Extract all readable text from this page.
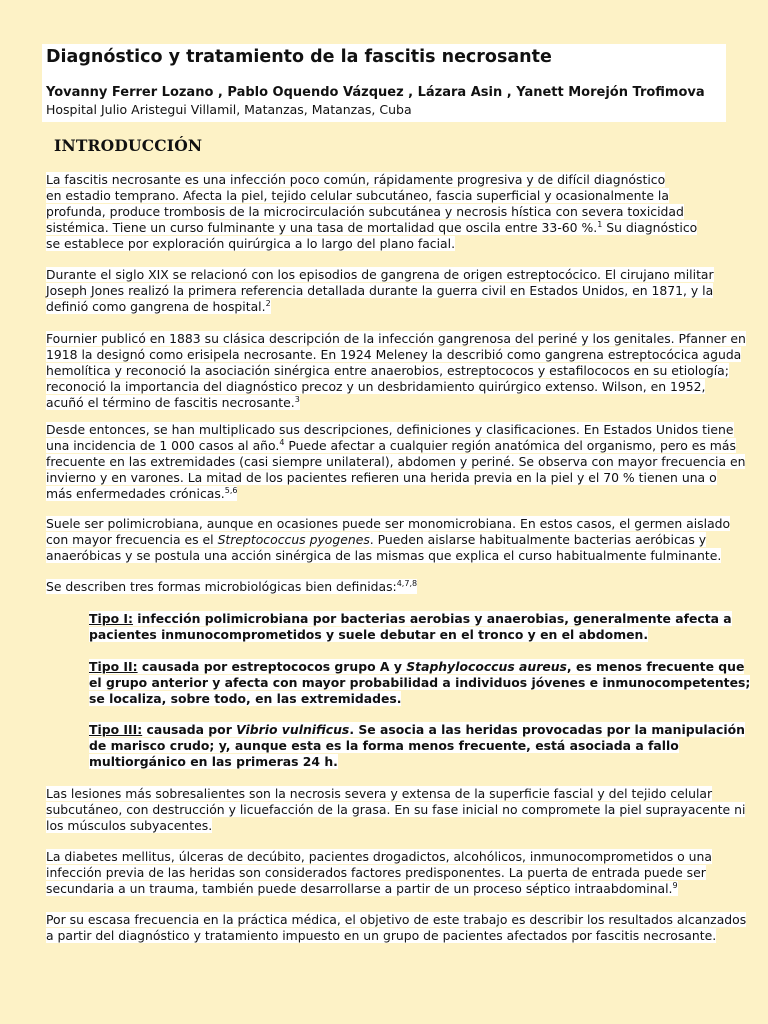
Diagnóstico y tratamiento de la fascitis necrosante

Yovanny Ferrer Lozano , Pablo Oquendo Vázquez , Lázara Asin , Yanett Morejón Trofimova

Hospital Julio Aristegui Villamil, Matanzas, Matanzas, Cuba

INTRODUCCIÓN

La fascitis necrosante es una infección poco común, rápidamente progresiva y de difícil diagnóstico
en estadio temprano. Afecta la piel, tejido celular subcutáneo, fascia superficial y ocasionalmente la
profunda, produce trombosis de la microcirculación subcutánea y necrosis hística con severa toxicidad
sistémica. Tiene un curso fulminante y una tasa de mortalidad que oscila entre 33-60 %.$^1$ Su diagnóstico
se establece por exploración quirúrgica a lo largo del plano facial.

Durante el siglo XIX se relacionó con los episodios de gangrena de origen estreptocócico. El cirujano militar
Joseph Jones realizó la primera referencia detallada durante la guerra civil en Estados Unidos, en 1871, y la
definió como gangrena de hospital.$^2$

Fournier publicó en 1883 su clásica descripción de la infección gangrenosa del periné y los genitales. Pfanner en
1918 la designó como erisipela necrosante. En 1924 Meleney la describió como gangrena estreptocócica aguda
hemolítica y reconoció la asociación sinérgica entre anaerobios, estreptococos y estafilococos en su etiología;
reconoció la importancia del diagnóstico precoz y un desbridamiento quirúrgico extenso. Wilson, en 1952,
acuñó el término de fascitis necrosante.$^3$

Desde entonces, se han multiplicado sus descripciones, definiciones y clasificaciones. En Estados Unidos tiene
una incidencia de 1 000 casos al año.$^4$ Puede afectar a cualquier región anatómica del organismo, pero es más
frecuente en las extremidades (casi siempre unilateral), abdomen y periné. Se observa con mayor frecuencia en
invierno y en varones. La mitad de los pacientes refieren una herida previa en la piel y el 70 % tienen una o
más enfermedades crónicas.$^{5,6}$

Suele ser polimicrobiana, aunque en ocasiones puede ser monomicrobiana. En estos casos, el germen aislado
con mayor frecuencia es el Streptococcus pyogenes. Pueden aislarse habitualmente bacterias aeróbicas y
anaeróbicas y se postula una acción sinérgica de las mismas que explica el curso habitualmente fulminante.

Se describen tres formas microbiológicas bien definidas:$^{4,7,8}$

Tipo I: infección polimicrobiana por bacterias aerobias y anaerobias, generalmente afecta a
pacientes inmunocomprometidos y suele debutar en el tronco y en el abdomen.

Tipo II: causada por estreptococos grupo A y Staphylococcus aureus, es menos frecuente que
el grupo anterior y afecta con mayor probabilidad a individuos jóvenes e inmunocompetentes;
se localiza, sobre todo, en las extremidades.

Tipo III: causada por Vibrio vulnificus. Se asocia a las heridas provocadas por la manipulación
de marisco crudo; y, aunque esta es la forma menos frecuente, está asociada a fallo
multiorgánico en las primeras 24 h.

Las lesiones más sobresalientes son la necrosis severa y extensa de la superficie fascial y del tejido celular
subcutáneo, con destrucción y licuefacción de la grasa. En su fase inicial no compromete la piel suprayacente ni
los músculos subyacentes.

La diabetes mellitus, úlceras de decúbito, pacientes drogadictos, alcohólicos, inmunocomprometidos o una
infección previa de las heridas son considerados factores predisponentes. La puerta de entrada puede ser
secundaria a un trauma, también puede desarrollarse a partir de un proceso séptico intraabdominal.$^9$

Por su escasa frecuencia en la práctica médica, el objetivo de este trabajo es describir los resultados alcanzados
a partir del diagnóstico y tratamiento impuesto en un grupo de pacientes afectados por fascitis necrosante.
